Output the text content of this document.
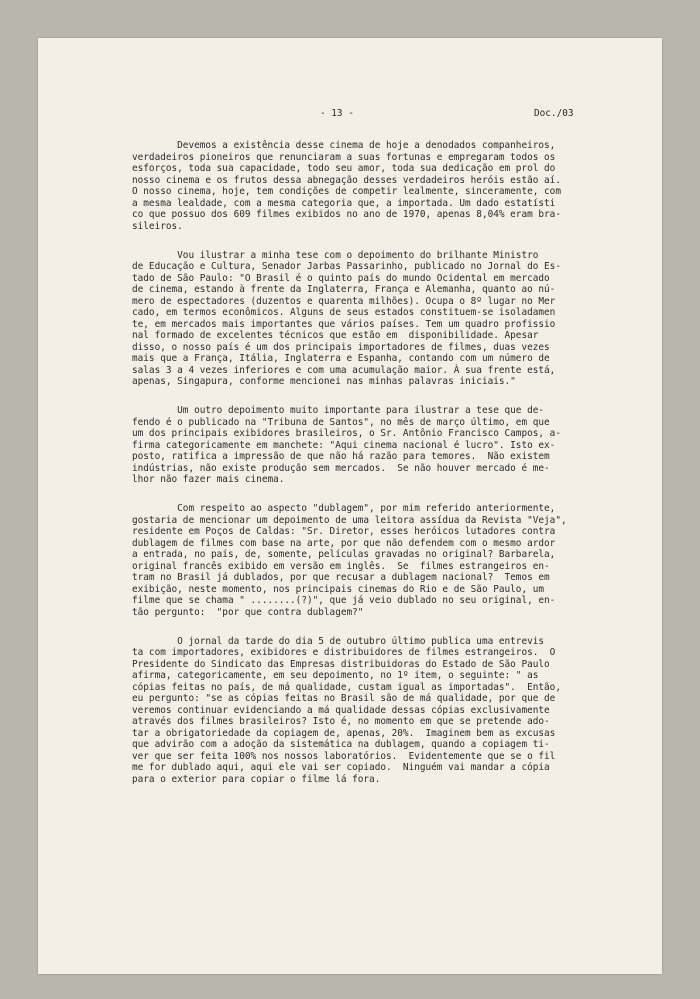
- 13 -	Doc./03
Devemos a existência desse cinema de hoje a denodados companheiros,
verdadeiros pioneiros que renunciaram a suas fortunas e empregaram todos os
esforços, toda sua capacidade, todo seu amor, toda sua dedicação em prol do
nosso cinema e os frutos dessa abnegação desses verdadeiros heróis estão aí.
O nosso cinema, hoje, tem condições de competir lealmente, sinceramente, com
a mesma lealdade, com a mesma categoria que, a importada. Um dado estatísti
co que possuo dos 609 filmes exibidos no ano de 1970, apenas 8,04% eram bra-
sileiros.
Vou ilustrar a minha tese com o depoimento do brilhante Ministro
de Educação e Cultura, Senador Jarbas Passarinho, publicado no Jornal do Es-
tado de São Paulo: "O Brasil é o quinto país do mundo Ocidental em mercado
de cinema, estando à frente da Inglaterra, França e Alemanha, quanto ao nú-
mero de espectadores (duzentos e quarenta milhões). Ocupa o 8º lugar no Mer
cado, em termos econômicos. Alguns de seus estados constituem-se isoladamen
te, em mercados mais importantes que vários países. Tem um quadro profissio
nal formado de excelentes técnicos que estão em  disponibilidade. Apesar
disso, o nosso país é um dos principais importadores de filmes, duas vezes
mais que a França, Itália, Inglaterra e Espanha, contando com um número de
salas 3 a 4 vezes inferiores e com uma acumulação maior. À sua frente está,
apenas, Singapura, conforme mencionei nas minhas palavras iniciais."
Um outro depoimento muito importante para ilustrar a tese que de-
fendo é o publicado na "Tribuna de Santos", no mês de março último, em que
um dos principais exibidores brasileiros, o Sr. Antônio Francisco Campos, a-
firma categoricamente em manchete: "Aqui cinema nacional é lucro". Isto ex-
posto, ratifica a impressão de que não há razão para temores.  Não existem
indústrias, não existe produção sem mercados.  Se não houver mercado é me-
lhor não fazer mais cinema.
Com respeito ao aspecto "dublagem", por mim referido anteriormente,
gostaria de mencionar um depoimento de uma leitora assídua da Revista "Veja",
residente em Poços de Caldas: "Sr. Diretor, esses heróicos lutadores contra
dublagem de filmes com base na arte, por que não defendem com o mesmo ardor
a entrada, no país, de, somente, películas gravadas no original? Barbarela,
original francês exibido em versão em inglês.  Se  filmes estrangeiros en-
tram no Brasil já dublados, por que recusar a dublagem nacional?  Temos em
exibição, neste momento, nos principais cinemas do Rio e de São Paulo, um
filme que se chama " ........(?)", que já veio dublado no seu original, en-
tão pergunto:  "por que contra dublagem?"
O jornal da tarde do dia 5 de outubro último publica uma entrevis
ta com importadores, exibidores e distribuidores de filmes estrangeiros.  O
Presidente do Sindicato das Empresas distribuidoras do Estado de São Paulo
afirma, categoricamente, em seu depoimento, no 1º item, o seguinte: " as
cópias feitas no país, de má qualidade, custam igual as importadas".  Então,
eu pergunto: "se as cópias feitas no Brasil são de má qualidade, por que de
veremos continuar evidenciando a má qualidade dessas cópias exclusivamente
através dos filmes brasileiros? Isto é, no momento em que se pretende ado-
tar a obrigatoriedade da copiagem de, apenas, 20%.  Imaginem bem as excusas
que advirão com a adoção da sistemática na dublagem, quando a copiagem ti-
ver que ser feita 100% nos nossos laboratórios.  Evidentemente que se o fil
me for dublado aqui, aqui ele vai ser copiado.  Ninguém vai mandar a cópia
para o exterior para copiar o filme lá fora.
